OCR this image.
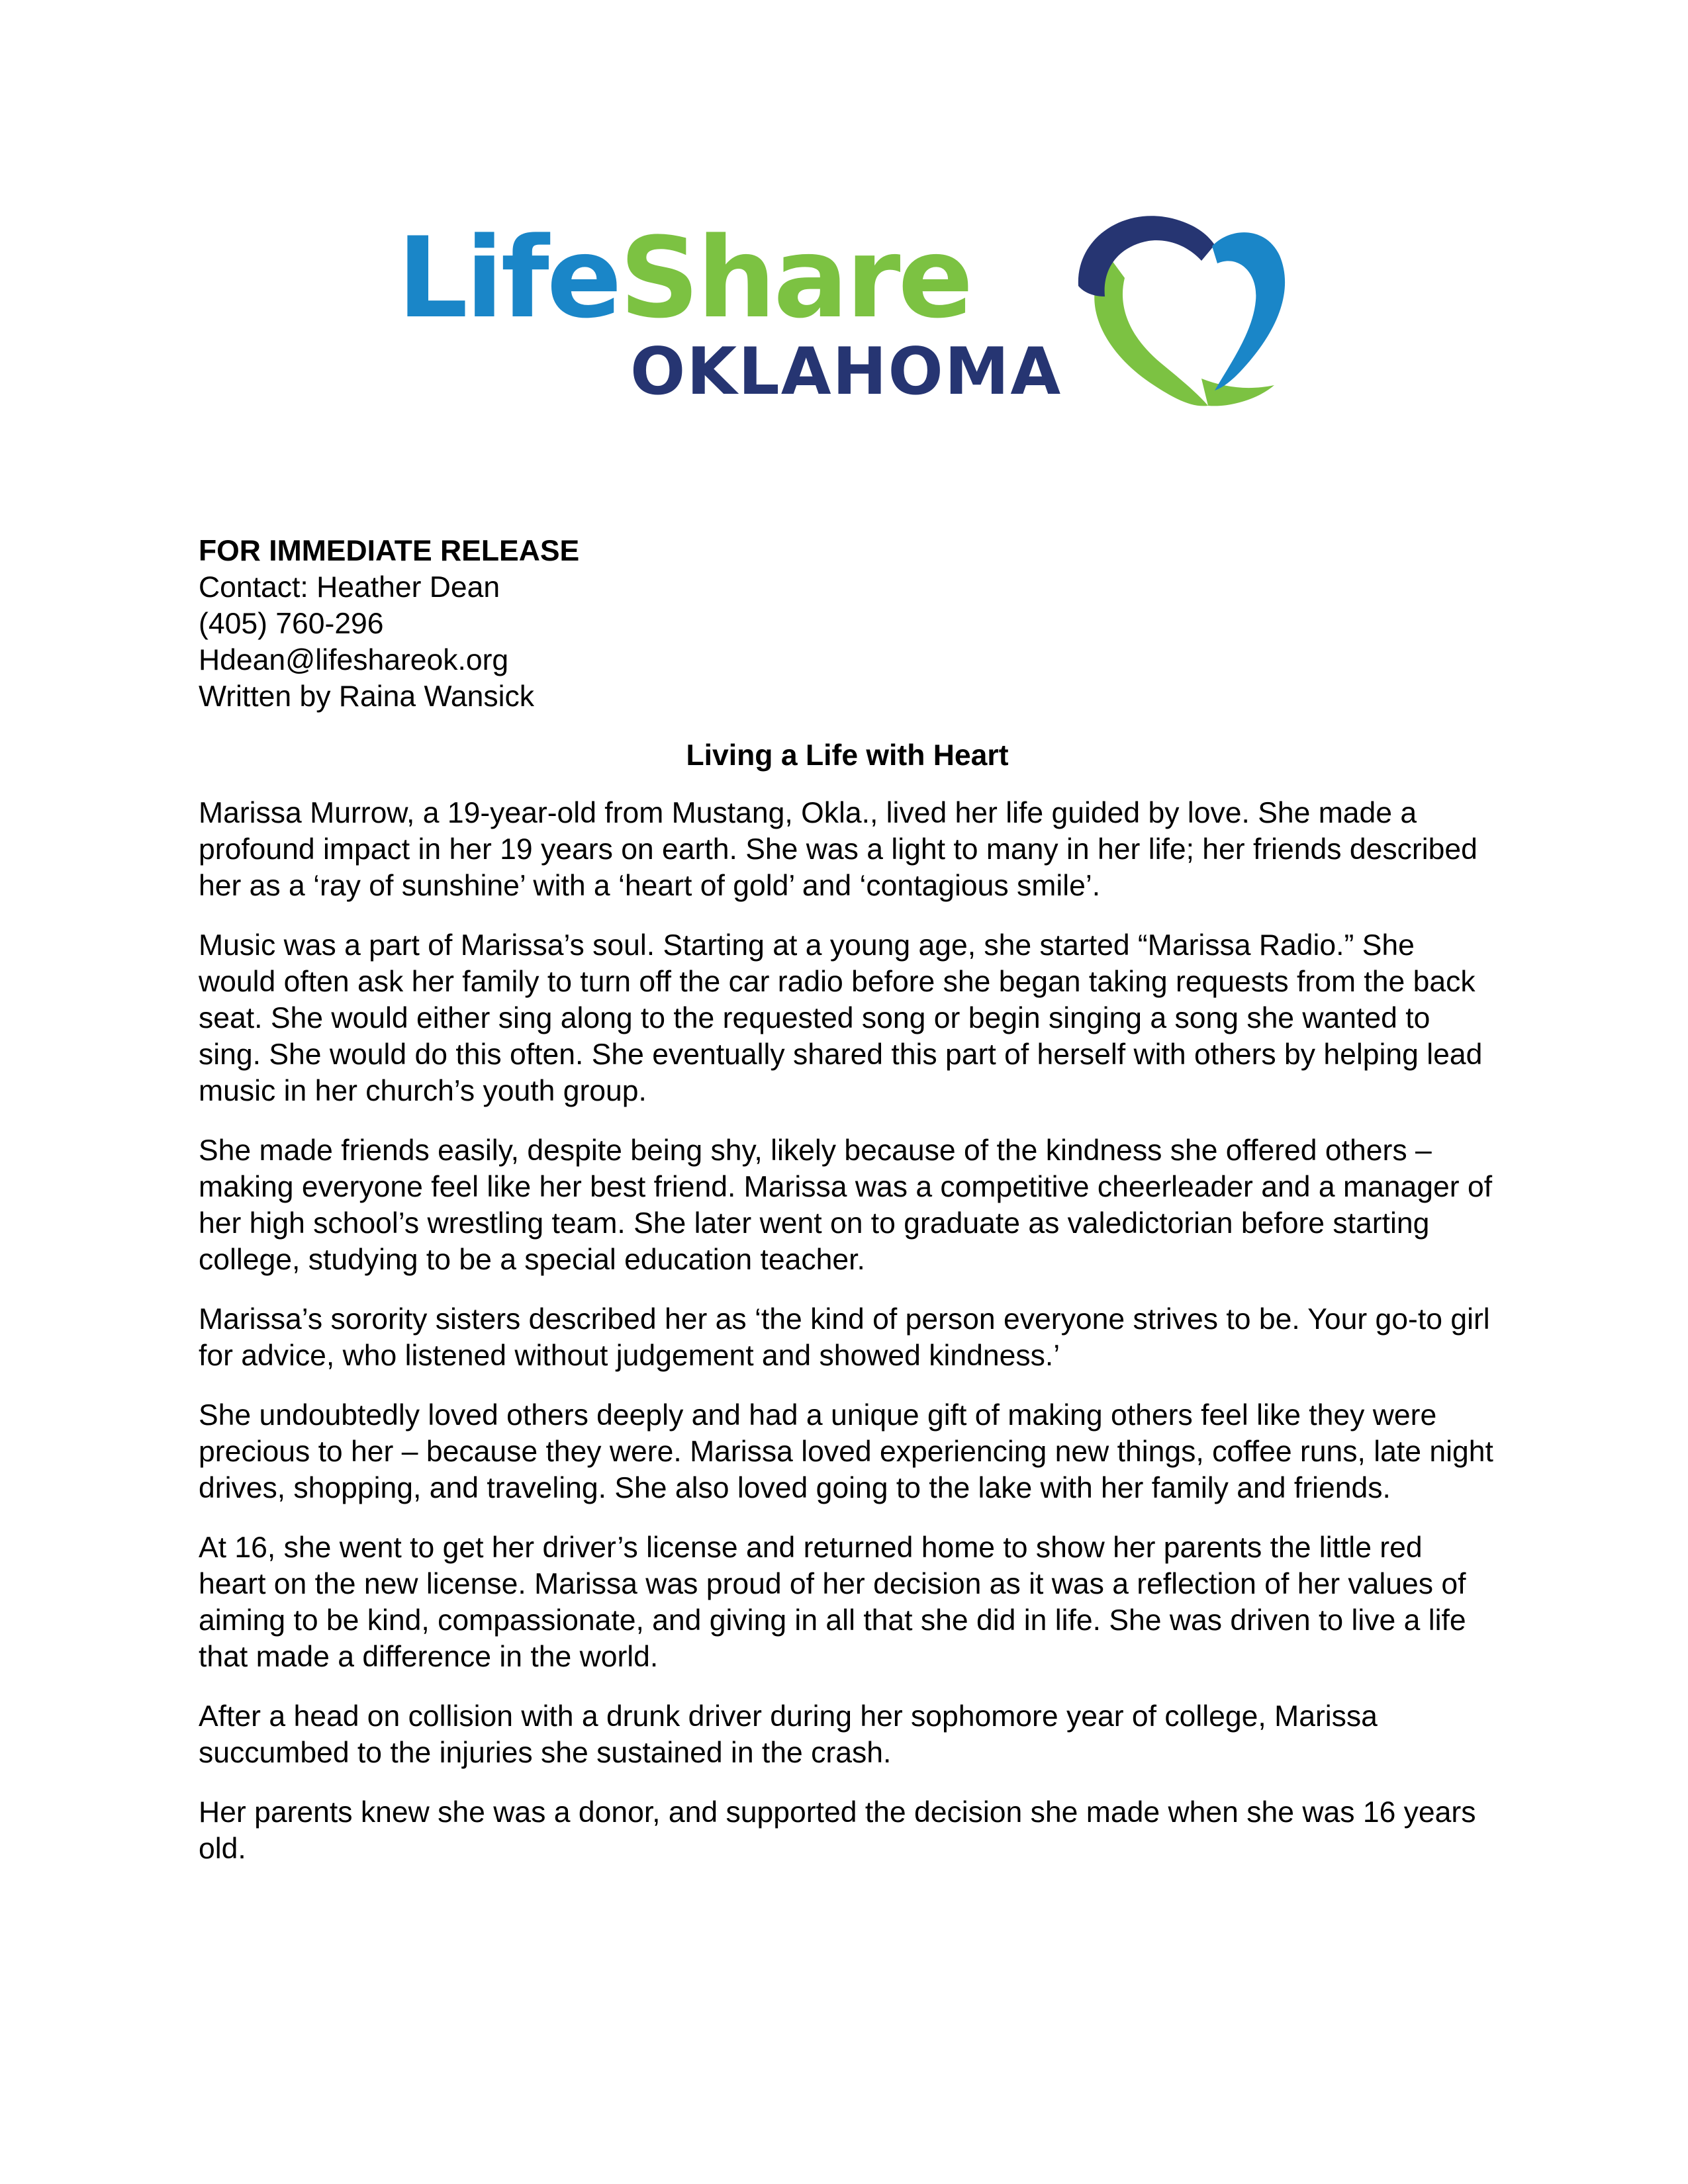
LifeShare
OKLAHOMA
FOR IMMEDIATE RELEASE
Contact: Heather Dean
(405) 760-296
Hdean@lifeshareok.org
Written by Raina Wansick
Living a Life with Heart

Marissa Murrow, a 19-year-old from Mustang, Okla., lived her life guided by love. She made a profound impact in her 19 years on earth. She was a light to many in her life; her friends described her as a ‘ray of sunshine’ with a ‘heart of gold’ and ‘contagious smile’.

Music was a part of Marissa’s soul. Starting at a young age, she started “Marissa Radio.” She would often ask her family to turn off the car radio before she began taking requests from the back seat. She would either sing along to the requested song or begin singing a song she wanted to sing. She would do this often. She eventually shared this part of herself with others by helping lead music in her church’s youth group.

She made friends easily, despite being shy, likely because of the kindness she offered others – making everyone feel like her best friend. Marissa was a competitive cheerleader and a manager of her high school’s wrestling team. She later went on to graduate as valedictorian before starting college, studying to be a special education teacher.

Marissa’s sorority sisters described her as ‘the kind of person everyone strives to be. Your go-to girl for advice, who listened without judgement and showed kindness.’

She undoubtedly loved others deeply and had a unique gift of making others feel like they were precious to her – because they were. Marissa loved experiencing new things, coffee runs, late night drives, shopping, and traveling. She also loved going to the lake with her family and friends.

At 16, she went to get her driver’s license and returned home to show her parents the little red heart on the new license. Marissa was proud of her decision as it was a reflection of her values of aiming to be kind, compassionate, and giving in all that she did in life. She was driven to live a life that made a difference in the world.

After a head on collision with a drunk driver during her sophomore year of college, Marissa succumbed to the injuries she sustained in the crash.

Her parents knew she was a donor, and supported the decision she made when she was 16 years old.
